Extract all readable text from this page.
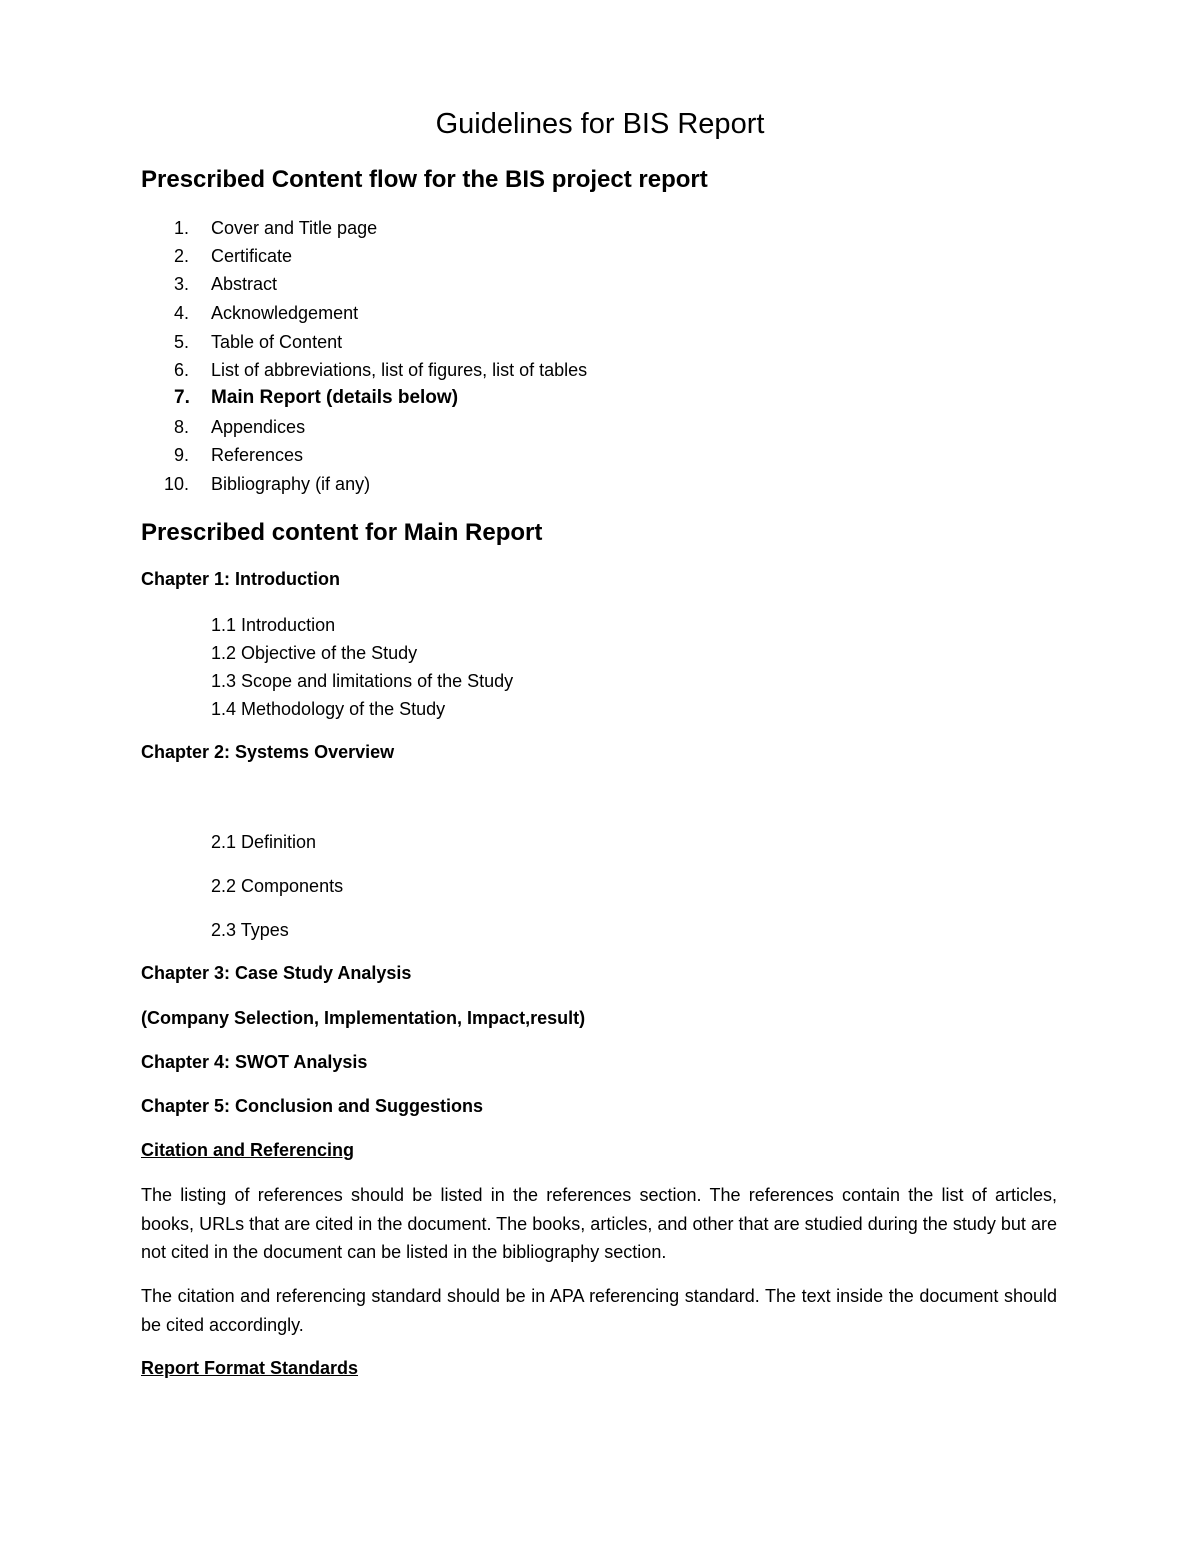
Guidelines for BIS Report
Prescribed Content flow for the BIS project report
1. Cover and Title page
2. Certificate
3. Abstract
4. Acknowledgement
5. Table of Content
6. List of abbreviations, list of figures, list of tables
7. Main Report (details below)
8. Appendices
9. References
10. Bibliography (if any)
Prescribed content for Main Report
Chapter 1: Introduction
1.1 Introduction
1.2 Objective of the Study
1.3 Scope and limitations of the Study
1.4 Methodology of the Study
Chapter 2: Systems Overview
2.1 Definition
2.2 Components
2.3 Types
Chapter 3: Case Study Analysis
(Company Selection, Implementation, Impact,result)
Chapter 4: SWOT Analysis
Chapter 5: Conclusion and Suggestions
Citation and Referencing
The listing of references should be listed in the references section. The references contain the list of articles, books, URLs that are cited in the document. The books, articles, and other that are studied during the study but are not cited in the document can be listed in the bibliography section.
The citation and referencing standard should be in APA referencing standard. The text inside the document should be cited accordingly.
Report Format Standards
